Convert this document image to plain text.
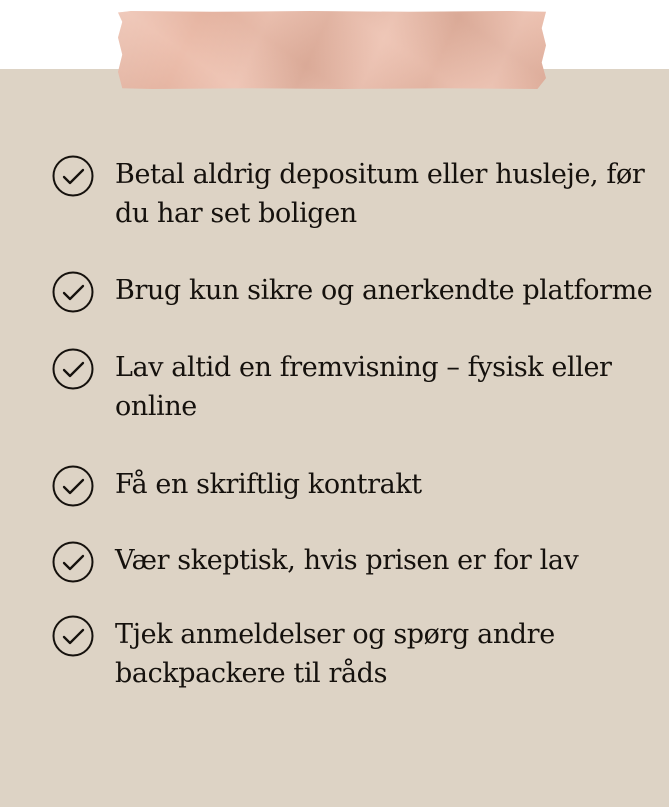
Betal aldrig depositum eller husleje, før du har set boligen

Brug kun sikre og anerkendte platforme

Lav altid en fremvisning – fysisk eller online

Få en skriftlig kontrakt

Vær skeptisk, hvis prisen er for lav

Tjek anmeldelser og spørg andre backpackere til råds
